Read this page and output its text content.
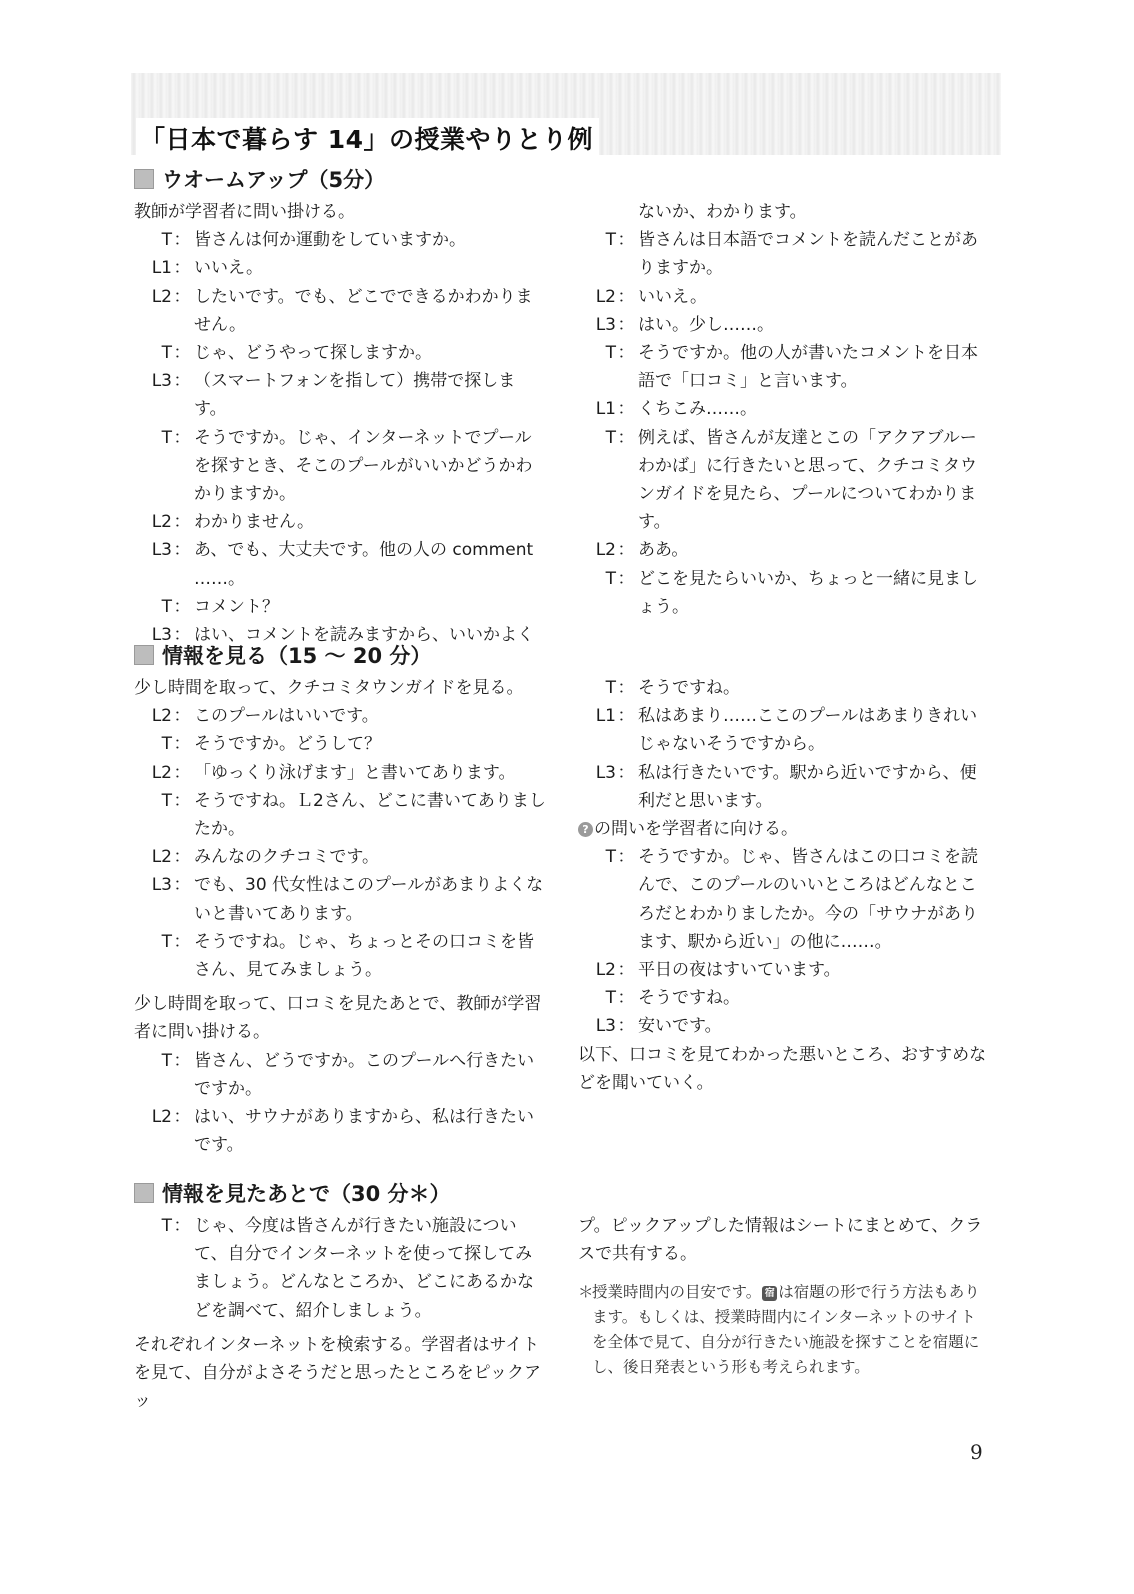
「日本で暮らす 14」の授業やりとり例
ウオームアップ（5分）

教師が学習者に問い掛ける。

T ： 皆さんは何か運動をしていますか。
L1 ： いいえ。
L2 ： したいです。でも、どこでできるかわかりません。
T ： じゃ、どうやって探しますか。
L3 ： （スマートフォンを指して）携帯で探します。
T ： そうですか。じゃ、インターネットでプールを探すとき、そこのプールがいいかどうかわかりますか。
L2 ： わかりません。
L3 ： あ、でも、大丈夫です。他の人の comment ……。
T ： コメント？
L3 ： はい、コメントを読みますから、いいかよく
ないか、わかります。
T ： 皆さんは日本語でコメントを読んだことがありますか。
L2 ： いいえ。
L3 ： はい。少し……。
T ： そうですか。他の人が書いたコメントを日本語で「口コミ」と言います。
L1 ： くちこみ……。
T ： 例えば、皆さんが友達とこの「アクアブルーわかば」に行きたいと思って、クチコミタウンガイドを見たら、プールについてわかります。
L2 ： ああ。
T ： どこを見たらいいか、ちょっと一緒に見ましょう。
情報を見る（15 ～ 20 分）

少し時間を取って、クチコミタウンガイドを見る。

L2 ： このプールはいいです。
T ： そうですか。どうして？
L2 ： 「ゆっくり泳げます」と書いてあります。
T ： そうですね。Ｌ2さん、どこに書いてありましたか。
L2 ： みんなのクチコミです。
L3 ： でも、30 代女性はこのプールがあまりよくないと書いてあります。
T ： そうですね。じゃ、ちょっとその口コミを皆さん、見てみましょう。

少し時間を取って、口コミを見たあとで、教師が学習者に問い掛ける。

T ： 皆さん、どうですか。このプールへ行きたいですか。
L2 ： はい、サウナがありますから、私は行きたいです。
T ： そうですね。
L1 ： 私はあまり……ここのプールはあまりきれいじゃないそうですから。
L3 ： 私は行きたいです。駅から近いですから、便利だと思います。

? の問いを学習者に向ける。

T ： そうですか。じゃ、皆さんはこの口コミを読んで、このプールのいいところはどんなところだとわかりましたか。今の「サウナがあります、駅から近い」の他に……。
L2 ： 平日の夜はすいています。
T ： そうですね。
L3 ： 安いです。

以下、口コミを見てわかった悪いところ、おすすめなどを聞いていく。

情報を見たあとで（30 分＊）
T ： じゃ、今度は皆さんが行きたい施設について、自分でインターネットを使って探してみましょう。どんなところか、どこにあるかなどを調べて、紹介しましょう。

それぞれインターネットを検索する。学習者はサイトを見て、自分がよさそうだと思ったところをピックアッ

プ。ピックアップした情報はシートにまとめて、クラスで共有する。

＊
授業時間内の目安です。 宿 は宿題の形で行う方法もあります。もしくは、授業時間内にインターネットのサイトを全体で見て、自分が行きたい施設を探すことを宿題にし、後日発表という形も考えられます。
9
